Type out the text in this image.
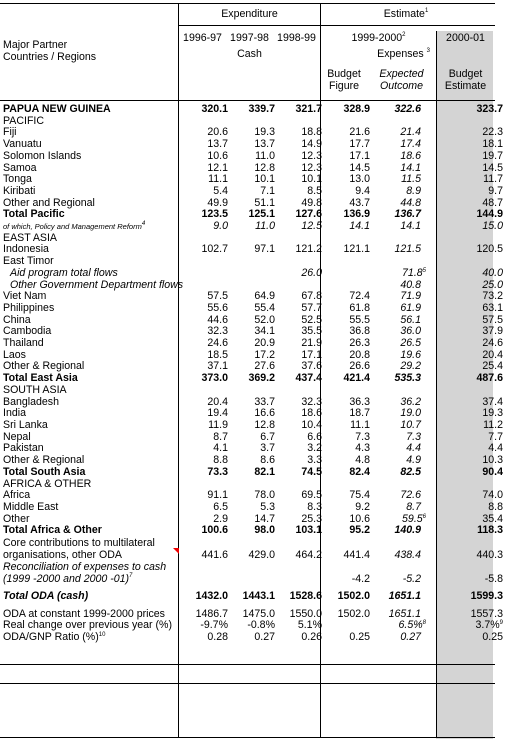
Expenditure	Estimate$^1$
Major Partner Countries / Regions
1996-97 1997-98 1998-99
Cash
1999-2000$^2$
Expenses $^3$
Budget Figure
Expected Outcome
2000-01
Budget Estimate
PAPUA NEW GUINEA	320.1	339.7	321.7	328.9	322.6	323.7
PACIFIC						
Fiji	20.6	19.3	18.8	21.6	21.4	22.3
Vanuatu	13.7	13.7	14.9	17.7	17.4	18.1
Solomon Islands	10.6	11.0	12.3	17.1	18.6	19.7
Samoa	12.1	12.8	12.3	14.5	14.1	14.5
Tonga	11.1	10.1	10.1	13.0	11.5	11.7
Kiribati	5.4	7.1	8.5	9.4	8.9	9.7
Other and Regional	49.9	51.1	49.8	43.7	44.8	48.7
Total Pacific	123.5	125.1	127.6	136.9	136.7	144.9
of which, Policy and Management Reform$^4$	9.0	11.0	12.5	14.1	14.1	15.0
EAST ASIA						
Indonesia	102.7	97.1	121.2	121.1	121.5	120.5
East Timor						
Aid program total flows			26.0		71.8$^5$	40.0
Other Government Department flows					40.8	25.0
Viet Nam	57.5	64.9	67.8	72.4	71.9	73.2
Philippines	55.6	55.4	57.7	61.8	61.9	63.1
China	44.6	52.0	52.5	55.5	56.1	57.5
Cambodia	32.3	34.1	35.5	36.8	36.0	37.9
Thailand	24.6	20.9	21.9	26.3	26.5	24.6
Laos	18.5	17.2	17.1	20.8	19.6	20.4
Other & Regional	37.1	27.6	37.6	26.6	29.2	25.4
Total East Asia	373.0	369.2	437.4	421.4	535.3	487.6
SOUTH ASIA						
Bangladesh	20.4	33.7	32.3	36.3	36.2	37.4
India	19.4	16.6	18.6	18.7	19.0	19.3
Sri Lanka	11.9	12.8	10.4	11.1	10.7	11.2
Nepal	8.7	6.7	6.6	7.3	7.3	7.7
Pakistan	4.1	3.7	3.2	4.3	4.4	4.4
Other & Regional	8.8	8.6	3.3	4.8	4.9	10.3
Total South Asia	73.3	82.1	74.5	82.4	82.5	90.4
AFRICA & OTHER						
Africa	91.1	78.0	69.5	75.4	72.6	74.0
Middle East	6.5	5.3	8.3	9.2	8.7	8.8
Other	2.9	14.7	25.3	10.6	59.5$^6$	35.4
Total Africa & Other	100.6	98.0	103.1	95.2	140.9	118.3
Core contributions to multilateral
organisations, other ODA	441.6	429.0	464.2	441.4	438.4	440.3
Reconciliation of expenses to cash
(1999 -2000 and 2000 -01)$^7$				-4.2	-5.2	-5.8

Total ODA (cash)	1432.0	1443.1	1528.6	1502.0	1651.1	1599.3

ODA at constant 1999-2000 prices	1486.7	1475.0	1550.0	1502.0	1651.1	1557.3
Real change over previous year (%)	-9.7%	-0.8%	5.1%		6.5%$^8$	3.7%$^9$
ODA/GNP Ratio (%)$^{10}$	0.28	0.27	0.26	0.25	0.27	0.25
